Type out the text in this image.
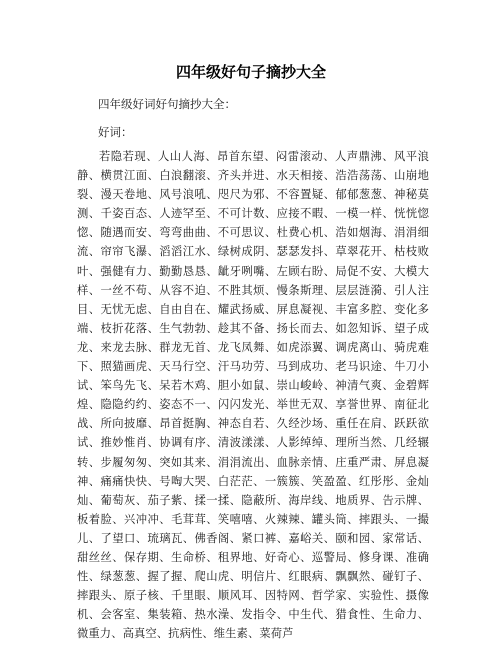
四年级好句子摘抄大全
四年级好词好句摘抄大全：
好词：
若隐若现、人山人海、昂首东望、闷雷滚动、人声鼎沸、风平浪静、横贯江面、白浪翻滚、齐头并进、水天相接、浩浩荡荡、山崩地裂、漫天卷地、风号浪吼、咫尺为邪、不容置疑、郁郁葱葱、神秘莫测、千姿百态、人迹罕至、不可计数、应接不暇、一模一样、恍恍惚惚、随遇而安、弯弯曲曲、不可思议、杜费心机、浩如烟海、涓涓细流、帘帘飞瀑、滔滔江水、绿树成阴、瑟瑟发抖、草翠花开、枯枝败叶、强健有力、勤勤恳恳、龇牙咧嘴、左顾右盼、局促不安、大模大样、一丝不苟、从容不迫、不胜其烦、慢条斯理、层层涟漪、引人注目、无忧无虑、自由自在、耀武扬威、屏息凝视、丰富多腔、变化多端、枝折花落、生气勃勃、趁其不备、扬长而去、如忽知诉、望子成龙、来龙去脉、群龙无首、龙飞凤舞、如虎添翼、调虎离山、骑虎难下、照猫画虎、天马行空、汗马功劳、马到成功、老马识途、牛刀小试、笨鸟先飞、呆若木鸡、胆小如鼠、崇山峻岭、神清气爽、金碧辉煌、隐隐约约、姿态不一、闪闪发光、举世无双、享誉世界、南征北战、所向披靡、昂首挺胸、神态自若、久经沙场、重任在肩、跃跃欲试、推妙惟肖、协调有序、清波漾漾、人影绰绰、理所当然、几经辗转、步履匆匆、突如其来、涓涓流出、血脉亲情、庄重严肃、屏息凝神、痛痛快快、号啕大哭、白茫茫、一簇簇、笑盈盈、红彤彤、金灿灿、葡萄灰、茄子紫、揉一揉、隐蔽所、海岸线、地质界、告示牌、板着脸、兴冲冲、毛茸茸、笑嘻嘻、火辣辣、罐头筒、摔跟头、一撮儿、了望口、琉璃瓦、佛香阁、紧口裤、嘉峪关、颐和园、家常话、甜丝丝、保存期、生命桥、租界地、好奇心、巡警局、修身课、准确性、绿葱葱、握了握、爬山虎、明信片、红眼病、飘飘然、碰钉子、摔跟头、原子核、千里眼、顺风耳、因特网、哲学家、实验性、摄像机、会客室、集装箱、热水澡、发指令、中生代、猎食性、生命力、微重力、高真空、抗病性、维生素、菜荷芦
